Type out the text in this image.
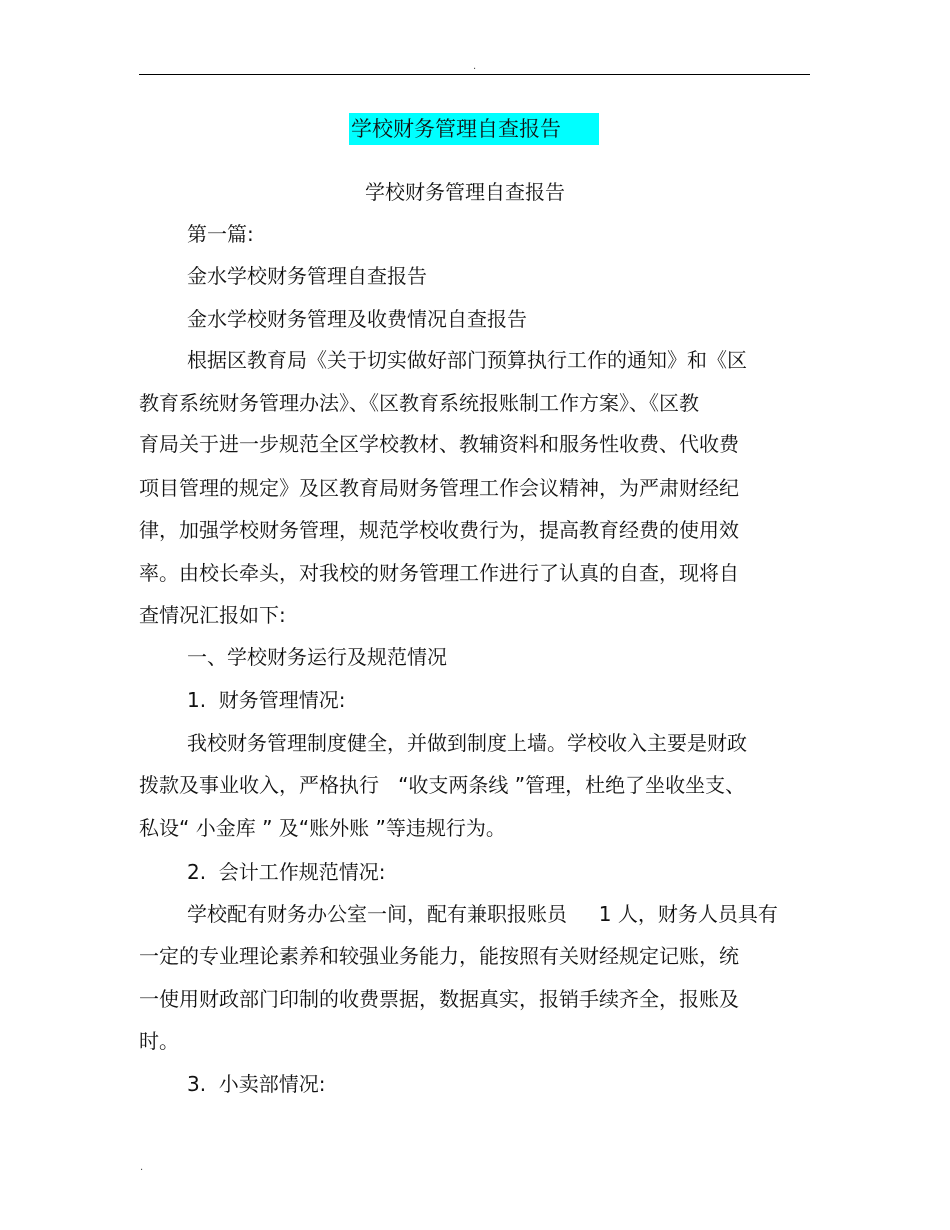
.
学校财务管理自查报告
学校财务管理自查报告
第一篇:
金水学校财务管理自查报告
金水学校财务管理及收费情况自查报告
根据区教育局《关于切实做好部门预算执行工作的通知》和《区
教育系统财务管理办法》、《区教育系统报账制工作方案》、《区教
育局关于进一步规范全区学校教材、教辅资料和服务性收费、代收费
项目管理的规定》及区教育局财务管理工作会议精神，为严肃财经纪
律，加强学校财务管理，规范学校收费行为，提高教育经费的使用效
率。由校长牵头，对我校的财务管理工作进行了认真的自查，现将自
查情况汇报如下:
一、学校财务运行及规范情况
1.  财务管理情况:
我校财务管理制度健全，并做到制度上墙。学校收入主要是财政
拨款及事业收入，严格执行   “收支两条线 ”管理，杜绝了坐收坐支、
私设“ 小金库 ” 及“账外账 ”等违规行为。
2.  会计工作规范情况:
学校配有财务办公室一间，配有兼职报账员     1 人，财务人员具有
一定的专业理论素养和较强业务能力，能按照有关财经规定记账，统
一使用财政部门印制的收费票据，数据真实，报销手续齐全，报账及
时。
3.  小卖部情况:
.
